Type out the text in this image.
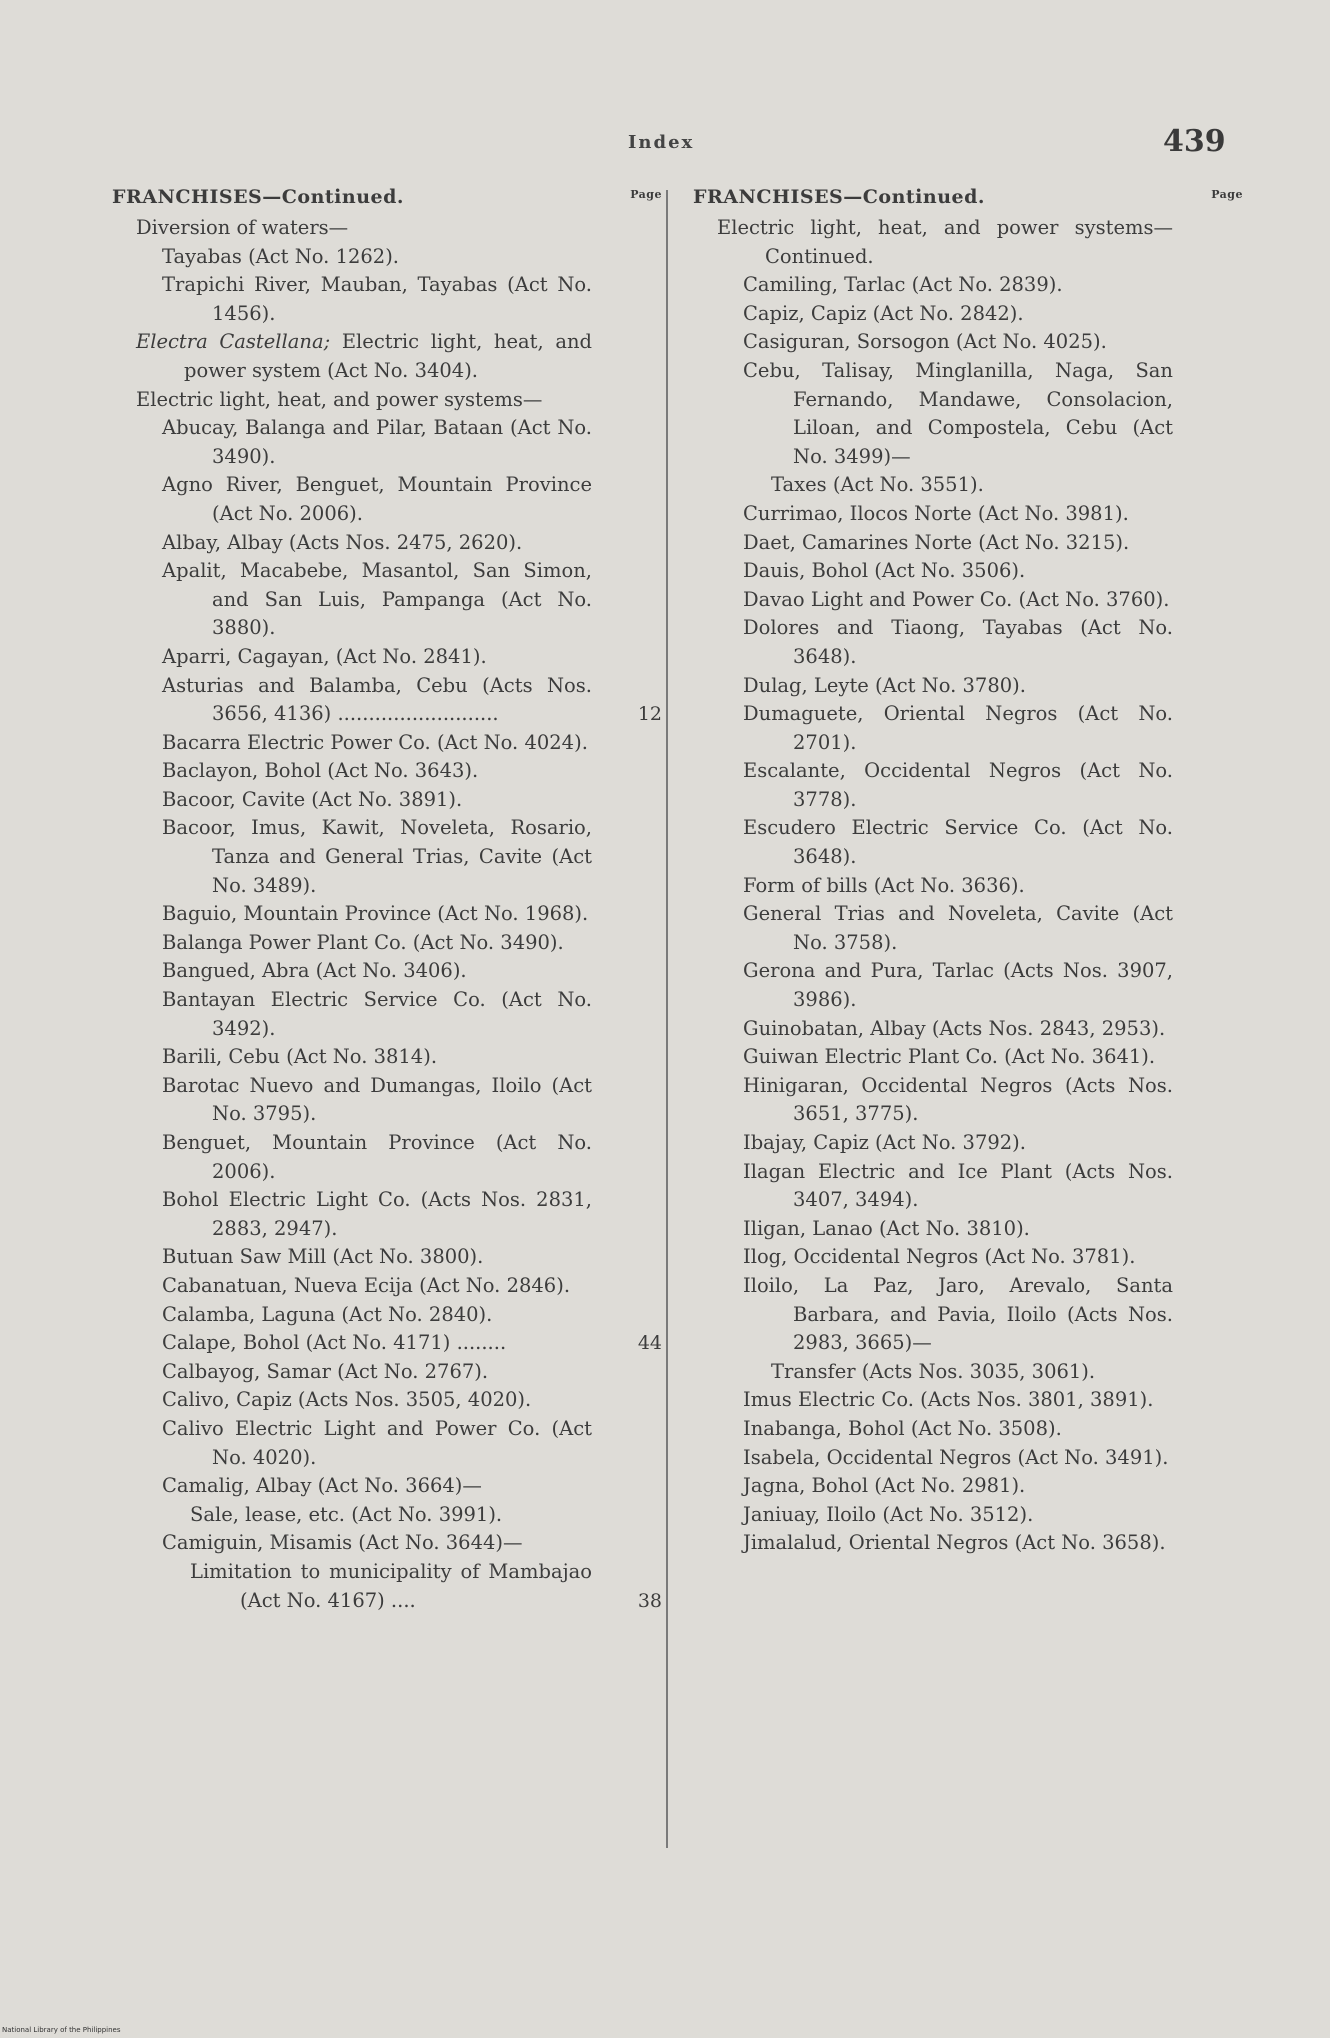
Index	439
FRANCHISES—Continued.	Page
Diversion of waters—
Tayabas (Act No. 1262).
Trapichi River, Mauban, Tayabas (Act No. 1456).
Electra Castellana; Electric light, heat, and power system (Act No. 3404).
Electric light, heat, and power systems—
Abucay, Balanga and Pilar, Bataan (Act No. 3490).
Agno River, Benguet, Mountain Province (Act No. 2006).
Albay, Albay (Acts Nos. 2475, 2620).
Apalit, Macabebe, Masantol, San Simon, and San Luis, Pampanga (Act No. 3880).
Aparri, Cagayan, (Act No. 2841).
Asturias and Balamba, Cebu (Acts Nos. 3656, 4136) ..........................	12
Bacarra Electric Power Co. (Act No. 4024).
Baclayon, Bohol (Act No. 3643).
Bacoor, Cavite (Act No. 3891).
Bacoor, Imus, Kawit, Noveleta, Rosario, Tanza and General Trias, Cavite (Act No. 3489).
Baguio, Mountain Province (Act No. 1968).
Balanga Power Plant Co. (Act No. 3490).
Bangued, Abra (Act No. 3406).
Bantayan Electric Service Co. (Act No. 3492).
Barili, Cebu (Act No. 3814).
Barotac Nuevo and Dumangas, Iloilo (Act No. 3795).
Benguet, Mountain Province (Act No. 2006).
Bohol Electric Light Co. (Acts Nos. 2831, 2883, 2947).
Butuan Saw Mill (Act No. 3800).
Cabanatuan, Nueva Ecija (Act No. 2846).
Calamba, Laguna (Act No. 2840).
Calape, Bohol (Act No. 4171) ........	44
Calbayog, Samar (Act No. 2767).
Calivo, Capiz (Acts Nos. 3505, 4020).
Calivo Electric Light and Power Co. (Act No. 4020).
Camalig, Albay (Act No. 3664)—
Sale, lease, etc. (Act No. 3991).
Camiguin, Misamis (Act No. 3644)—
Limitation to municipality of Mambajao (Act No. 4167) ....	38
FRANCHISES—Continued.	Page
Electric light, heat, and power systems—Continued.
Camiling, Tarlac (Act No. 2839).
Capiz, Capiz (Act No. 2842).
Casiguran, Sorsogon (Act No. 4025).
Cebu, Talisay, Minglanilla, Naga, San Fernando, Mandawe, Consolacion, Liloan, and Compostela, Cebu (Act No. 3499)—
Taxes (Act No. 3551).
Currimao, Ilocos Norte (Act No. 3981).
Daet, Camarines Norte (Act No. 3215).
Dauis, Bohol (Act No. 3506).
Davao Light and Power Co. (Act No. 3760).
Dolores and Tiaong, Tayabas (Act No. 3648).
Dulag, Leyte (Act No. 3780).
Dumaguete, Oriental Negros (Act No. 2701).
Escalante, Occidental Negros (Act No. 3778).
Escudero Electric Service Co. (Act No. 3648).
Form of bills (Act No. 3636).
General Trias and Noveleta, Cavite (Act No. 3758).
Gerona and Pura, Tarlac (Acts Nos. 3907, 3986).
Guinobatan, Albay (Acts Nos. 2843, 2953).
Guiwan Electric Plant Co. (Act No. 3641).
Hinigaran, Occidental Negros (Acts Nos. 3651, 3775).
Ibajay, Capiz (Act No. 3792).
Ilagan Electric and Ice Plant (Acts Nos. 3407, 3494).
Iligan, Lanao (Act No. 3810).
Ilog, Occidental Negros (Act No. 3781).
Iloilo, La Paz, Jaro, Arevalo, Santa Barbara, and Pavia, Iloilo (Acts Nos. 2983, 3665)—
Transfer (Acts Nos. 3035, 3061).
Imus Electric Co. (Acts Nos. 3801, 3891).
Inabanga, Bohol (Act No. 3508).
Isabela, Occidental Negros (Act No. 3491).
Jagna, Bohol (Act No. 2981).
Janiuay, Iloilo (Act No. 3512).
Jimalalud, Oriental Negros (Act No. 3658).
National Library of the Philippines
